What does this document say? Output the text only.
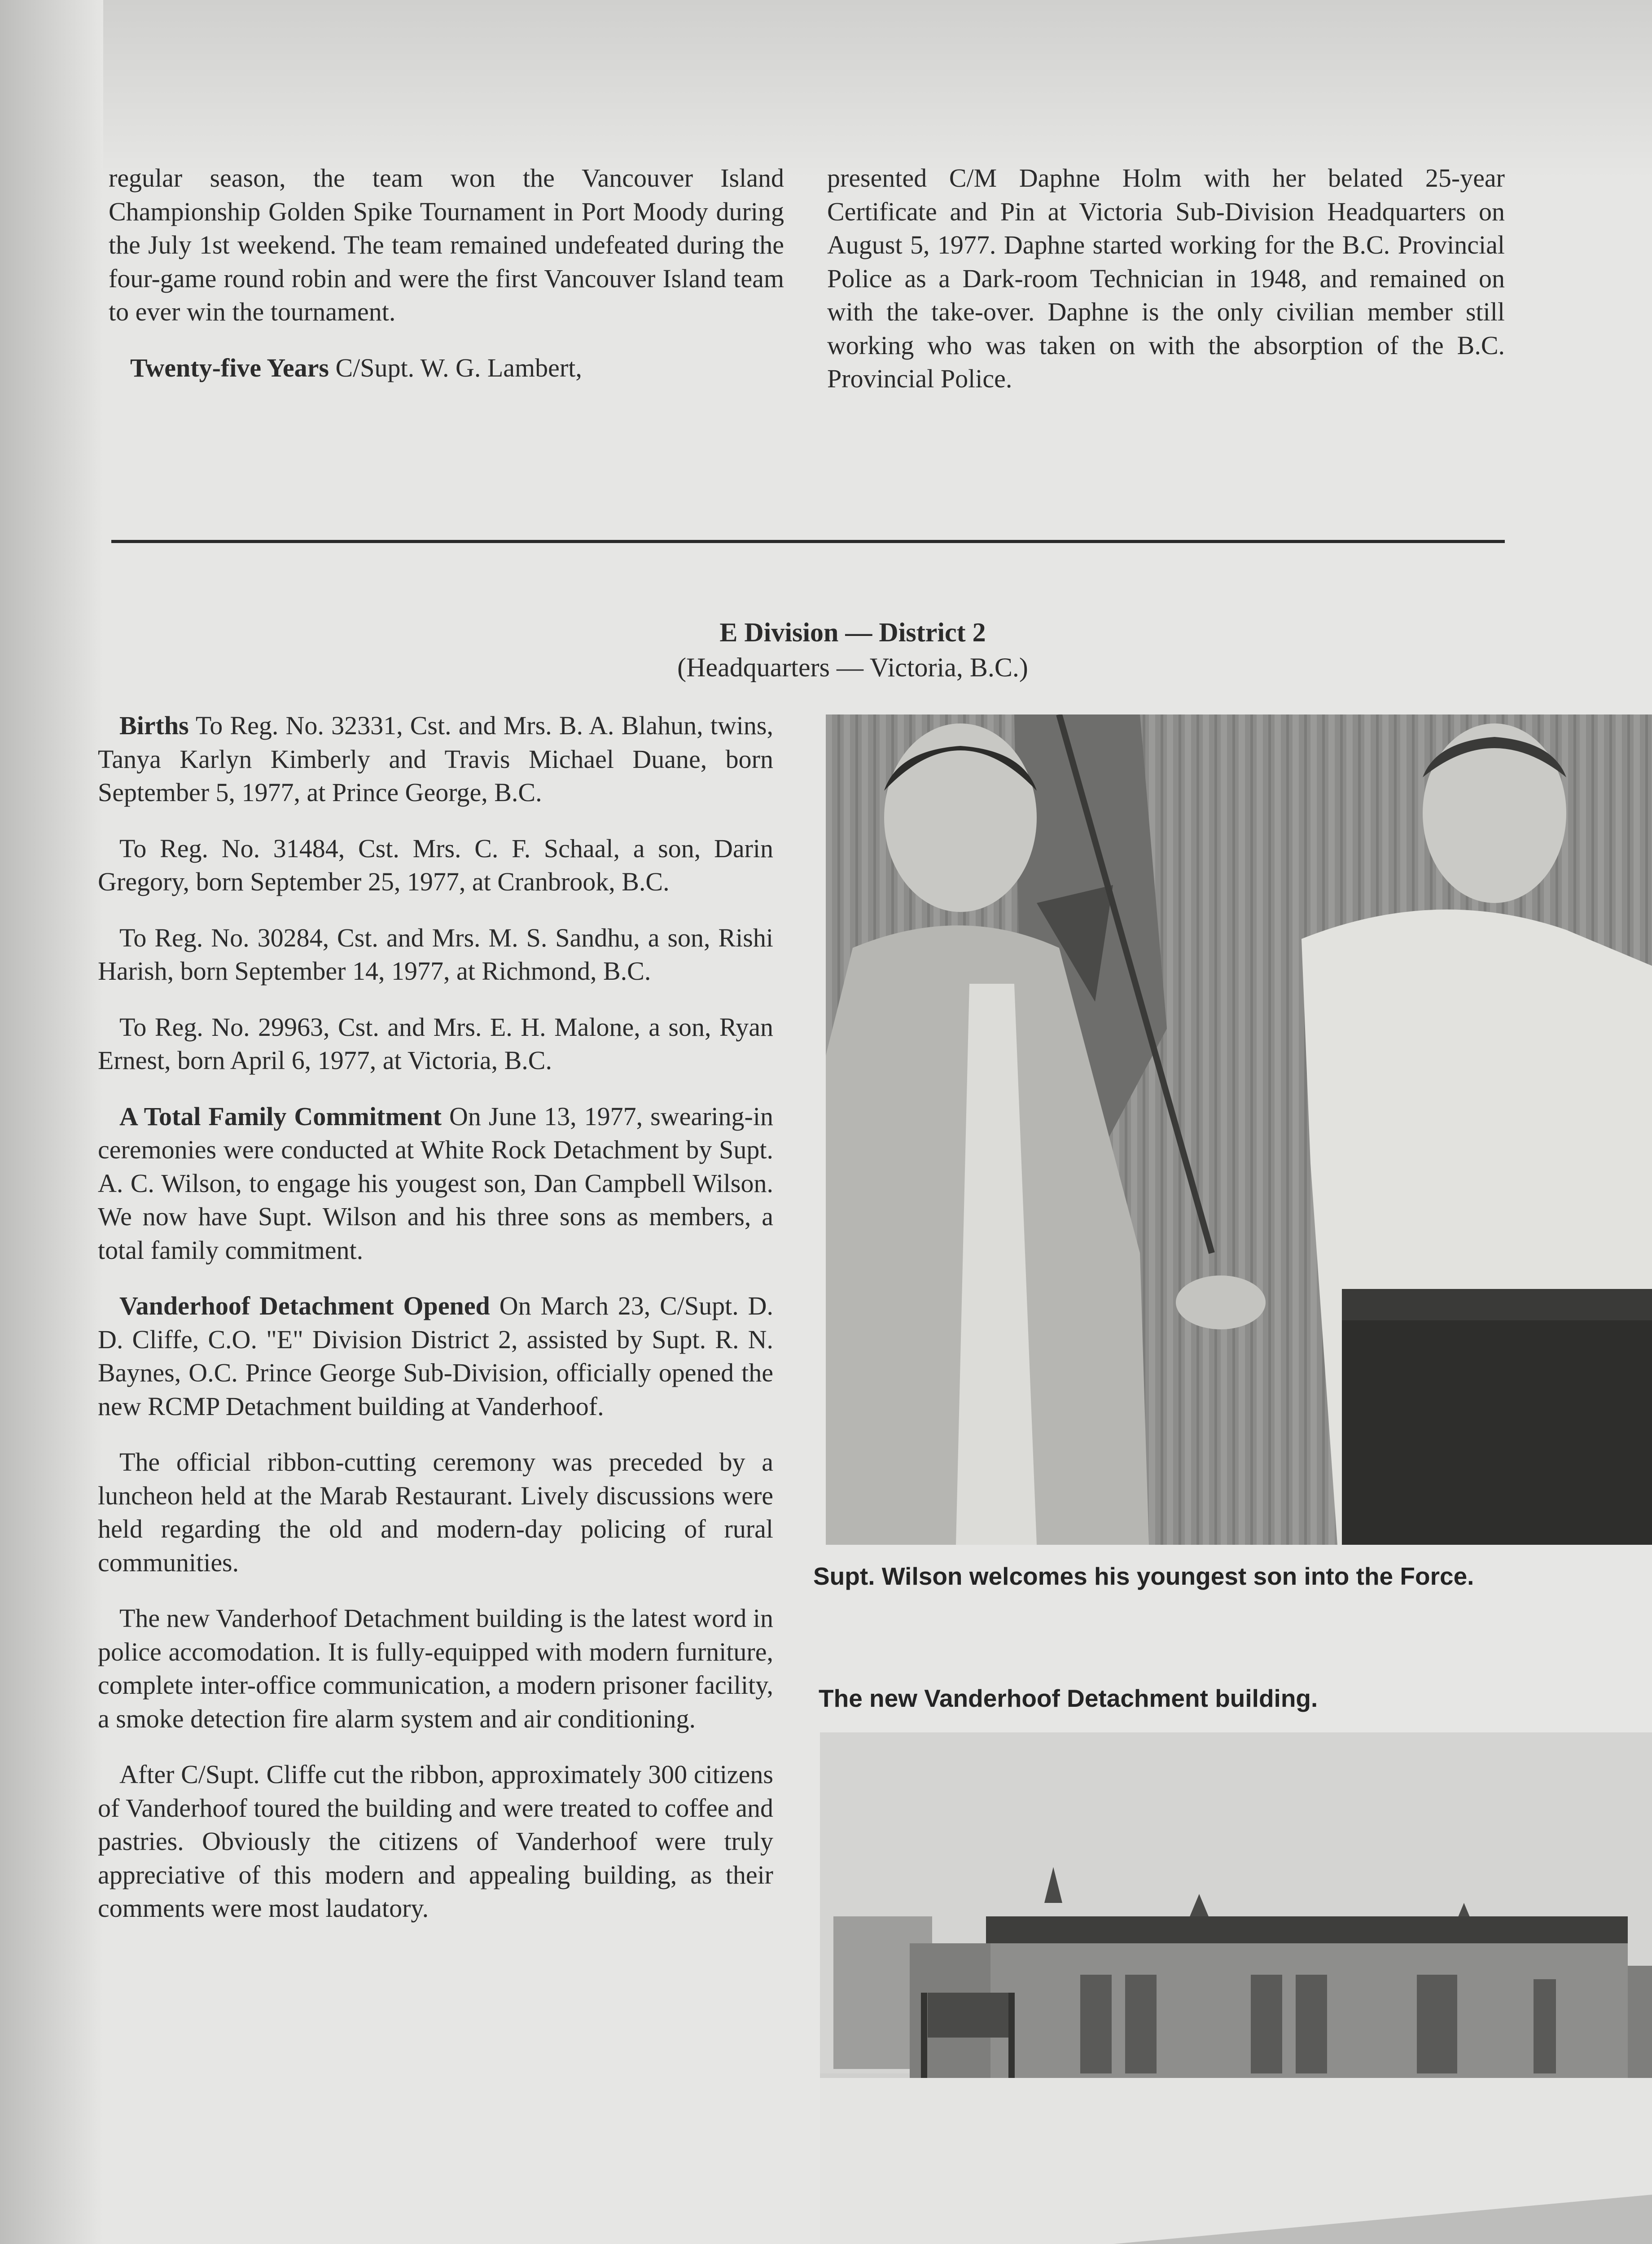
regular season, the team won the Vancouver Island Championship Golden Spike Tournament in Port Moody during the July 1st weekend. The team remained undefeated during the four-game round robin and were the first Vancouver Island team to ever win the tournament.

Twenty-five Years C/Supt. W. G. Lambert,

presented C/M Daphne Holm with her belated 25-year Certificate and Pin at Victoria Sub-Division Headquarters on August 5, 1977. Daphne started working for the B.C. Provincial Police as a Dark-room Technician in 1948, and remained on with the take-over. Daphne is the only civilian member still working who was taken on with the absorption of the B.C. Provincial Police.

E Division — District 2
(Headquarters — Victoria, B.C.)

Births To Reg. No. 32331, Cst. and Mrs. B. A. Blahun, twins, Tanya Karlyn Kimberly and Travis Michael Duane, born September 5, 1977, at Prince George, B.C.

To Reg. No. 31484, Cst. Mrs. C. F. Schaal, a son, Darin Gregory, born September 25, 1977, at Cranbrook, B.C.

To Reg. No. 30284, Cst. and Mrs. M. S. Sandhu, a son, Rishi Harish, born September 14, 1977, at Richmond, B.C.

To Reg. No. 29963, Cst. and Mrs. E. H. Malone, a son, Ryan Ernest, born April 6, 1977, at Victoria, B.C.

A Total Family Commitment On June 13, 1977, swearing-in ceremonies were conducted at White Rock Detachment by Supt. A. C. Wilson, to engage his yougest son, Dan Campbell Wilson. We now have Supt. Wilson and his three sons as members, a total family commitment.

Vanderhoof Detachment Opened On March 23, C/Supt. D. D. Cliffe, C.O. "E" Division District 2, assisted by Supt. R. N. Baynes, O.C. Prince George Sub-Division, officially opened the new RCMP Detachment building at Vanderhoof.

The official ribbon-cutting ceremony was preceded by a luncheon held at the Marab Restaurant. Lively discussions were held regarding the old and modern-day policing of rural communities.

The new Vanderhoof Detachment building is the latest word in police accomodation. It is fully-equipped with modern furniture, complete inter-office communication, a modern prisoner facility, a smoke detection fire alarm system and air conditioning.

After C/Supt. Cliffe cut the ribbon, approximately 300 citizens of Vanderhoof toured the building and were treated to coffee and pastries. Obviously the citizens of Vanderhoof were truly appreciative of this modern and appealing building, as their comments were most laudatory.

Supt. Wilson welcomes his youngest son into the Force.
The new Vanderhoof Detachment building.
